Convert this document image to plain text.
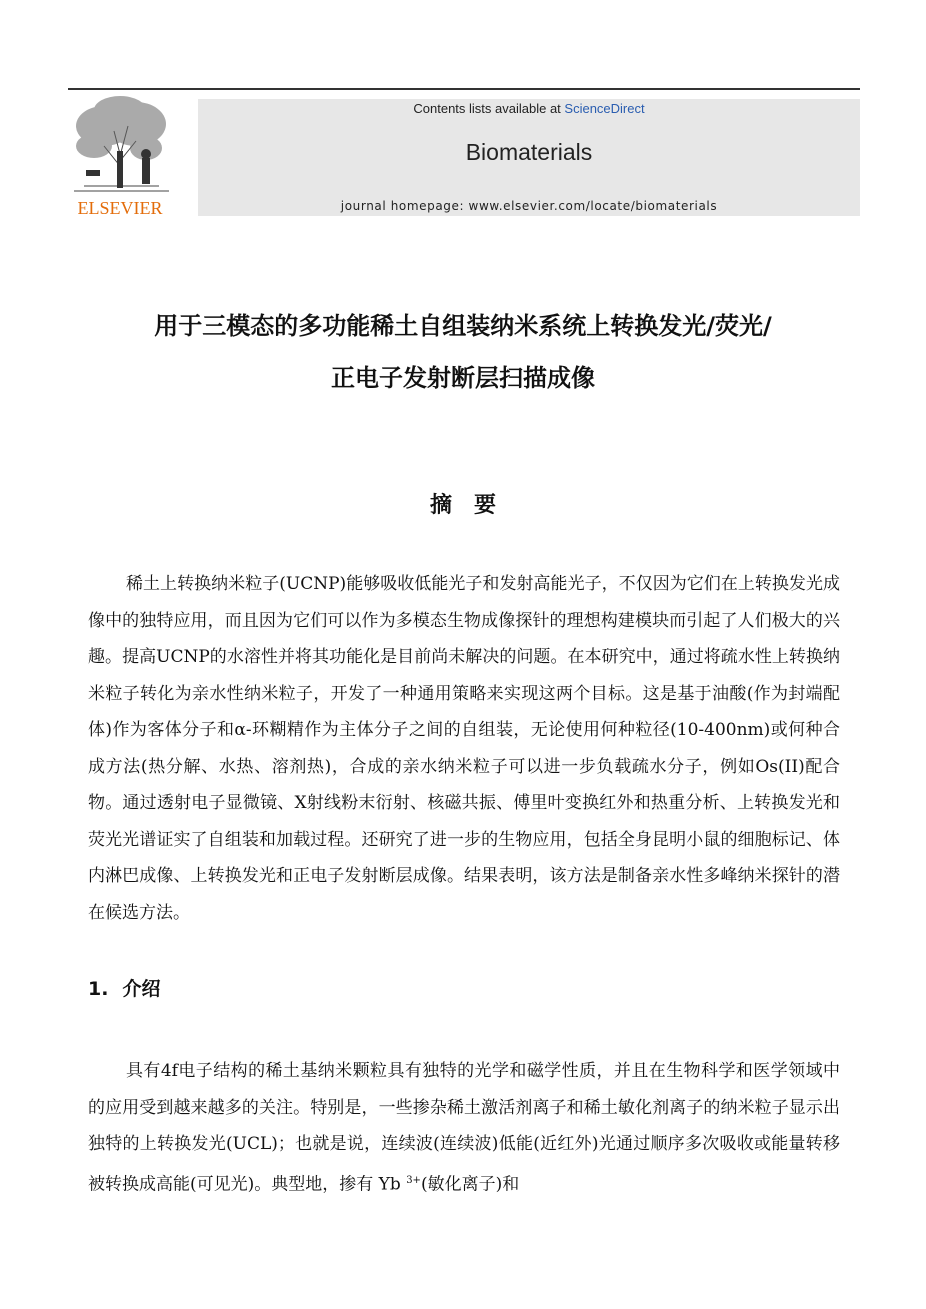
ELSEVIER
Contents lists available at ScienceDirect
Biomaterials
journal homepage: www.elsevier.com/locate/biomaterials
用于三模态的多功能稀土自组装纳米系统上转换发光/荧光/
正电子发射断层扫描成像
摘　要

稀土上转换纳米粒子(UCNP)能够吸收低能光子和发射高能光子，不仅因为它们在上转换发光成像中的独特应用，而且因为它们可以作为多模态生物成像探针的理想构建模块而引起了人们极大的兴趣。提高UCNP的水溶性并将其功能化是目前尚未解决的问题。在本研究中，通过将疏水性上转换纳米粒子转化为亲水性纳米粒子，开发了一种通用策略来实现这两个目标。这是基于油酸(作为封端配体)作为客体分子和α-环糊精作为主体分子之间的自组装，无论使用何种粒径(10-400nm)或何种合成方法(热分解、水热、溶剂热)，合成的亲水纳米粒子可以进一步负载疏水分子，例如Os(II)配合物。通过透射电子显微镜、X射线粉末衍射、核磁共振、傅里叶变换红外和热重分析、上转换发光和荧光光谱证实了自组装和加载过程。还研究了进一步的生物应用，包括全身昆明小鼠的细胞标记、体内淋巴成像、上转换发光和正电子发射断层成像。结果表明，该方法是制备亲水性多峰纳米探针的潜在候选方法。

1. 介绍

具有4f电子结构的稀土基纳米颗粒具有独特的光学和磁学性质，并且在生物科学和医学领域中的应用受到越来越多的关注。特别是，一些掺杂稀土激活剂离子和稀土敏化剂离子的纳米粒子显示出独特的上转换发光(UCL)；也就是说，连续波(连续波)低能(近红外)光通过顺序多次吸收或能量转移被转换成高能(可见光)。典型地，掺有 Yb $^{3+}$(敏化离子)和
